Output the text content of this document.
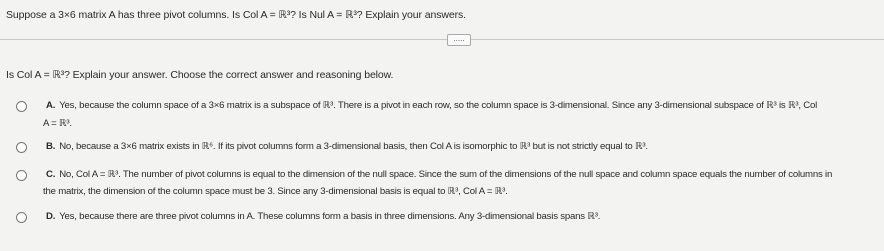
Suppose a 3×6 matrix A has three pivot columns. Is Col A = ℝ³? Is Nul A = ℝ³? Explain your answers.
.....
Is Col A = ℝ³? Explain your answer. Choose the correct answer and reasoning below.
A. Yes, because the column space of a 3×6 matrix is a subspace of ℝ³. There is a pivot in each row, so the column space is 3-dimensional. Since any 3-dimensional subspace of ℝ³ is ℝ³, Col
A = ℝ³.
B. No, because a 3×6 matrix exists in ℝ⁶. If its pivot columns form a 3-dimensional basis, then Col A is isomorphic to ℝ³ but is not strictly equal to ℝ³.
C. No, Col A = ℝ³. The number of pivot columns is equal to the dimension of the null space. Since the sum of the dimensions of the null space and column space equals the number of columns in
the matrix, the dimension of the column space must be 3. Since any 3-dimensional basis is equal to ℝ³, Col A = ℝ³.
D. Yes, because there are three pivot columns in A. These columns form a basis in three dimensions. Any 3-dimensional basis spans ℝ³.
